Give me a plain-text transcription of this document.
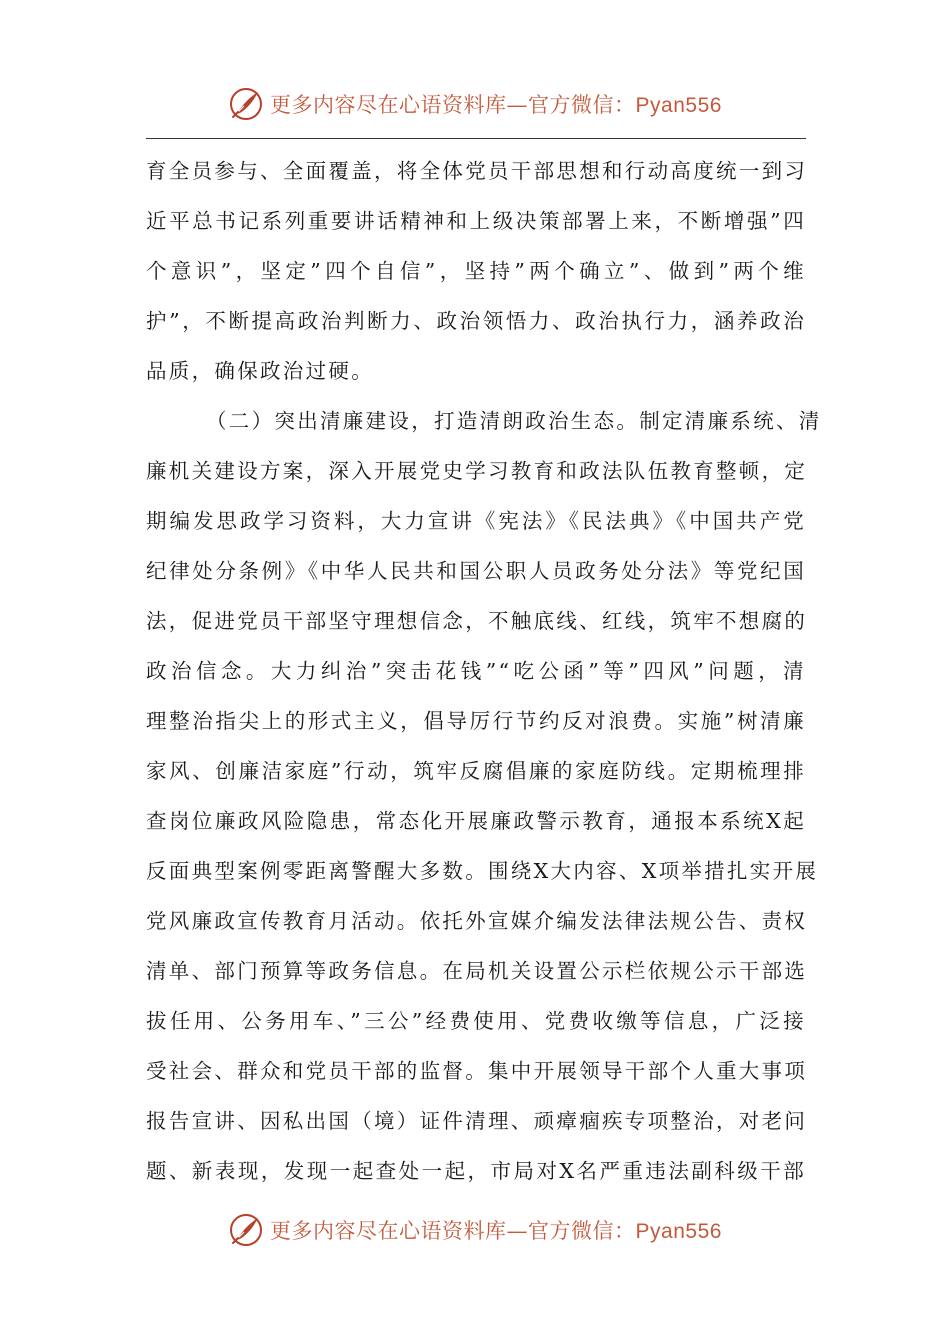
更多内容尽在心语资料库—官方微信：Pyan556
育全员参与、全面覆盖，将全体党员干部思想和行动高度统一到习
近平总书记系列重要讲话精神和上级决策部署上来，不断增强”四
个意识”，坚定”四个自信”，坚持”两个确立”、做到”两个维
护”，不断提高政治判断力、政治领悟力、政治执行力，涵养政治
品质，确保政治过硬。
（二）突出清廉建设，打造清朗政治生态。制定清廉系统、清
廉机关建设方案，深入开展党史学习教育和政法队伍教育整顿，定
期编发思政学习资料，大力宣讲《宪法》《民法典》《中国共产党
纪律处分条例》《中华人民共和国公职人员政务处分法》等党纪国
法，促进党员干部坚守理想信念，不触底线、红线，筑牢不想腐的
政治信念。大力纠治”突击花钱”“吃公函”等”四风”问题，清
理整治指尖上的形式主义，倡导厉行节约反对浪费。实施”树清廉
家风、创廉洁家庭”行动，筑牢反腐倡廉的家庭防线。定期梳理排
查岗位廉政风险隐患，常态化开展廉政警示教育，通报本系统X起
反面典型案例零距离警醒大多数。围绕X大内容、X项举措扎实开展
党风廉政宣传教育月活动。依托外宣媒介编发法律法规公告、责权
清单、部门预算等政务信息。在局机关设置公示栏依规公示干部选
拔任用、公务用车、”三公”经费使用、党费收缴等信息，广泛接
受社会、群众和党员干部的监督。集中开展领导干部个人重大事项
报告宣讲、因私出国（境）证件清理、顽瘴痼疾专项整治，对老问
题、新表现，发现一起查处一起，市局对X名严重违法副科级干部
更多内容尽在心语资料库—官方微信：Pyan556
